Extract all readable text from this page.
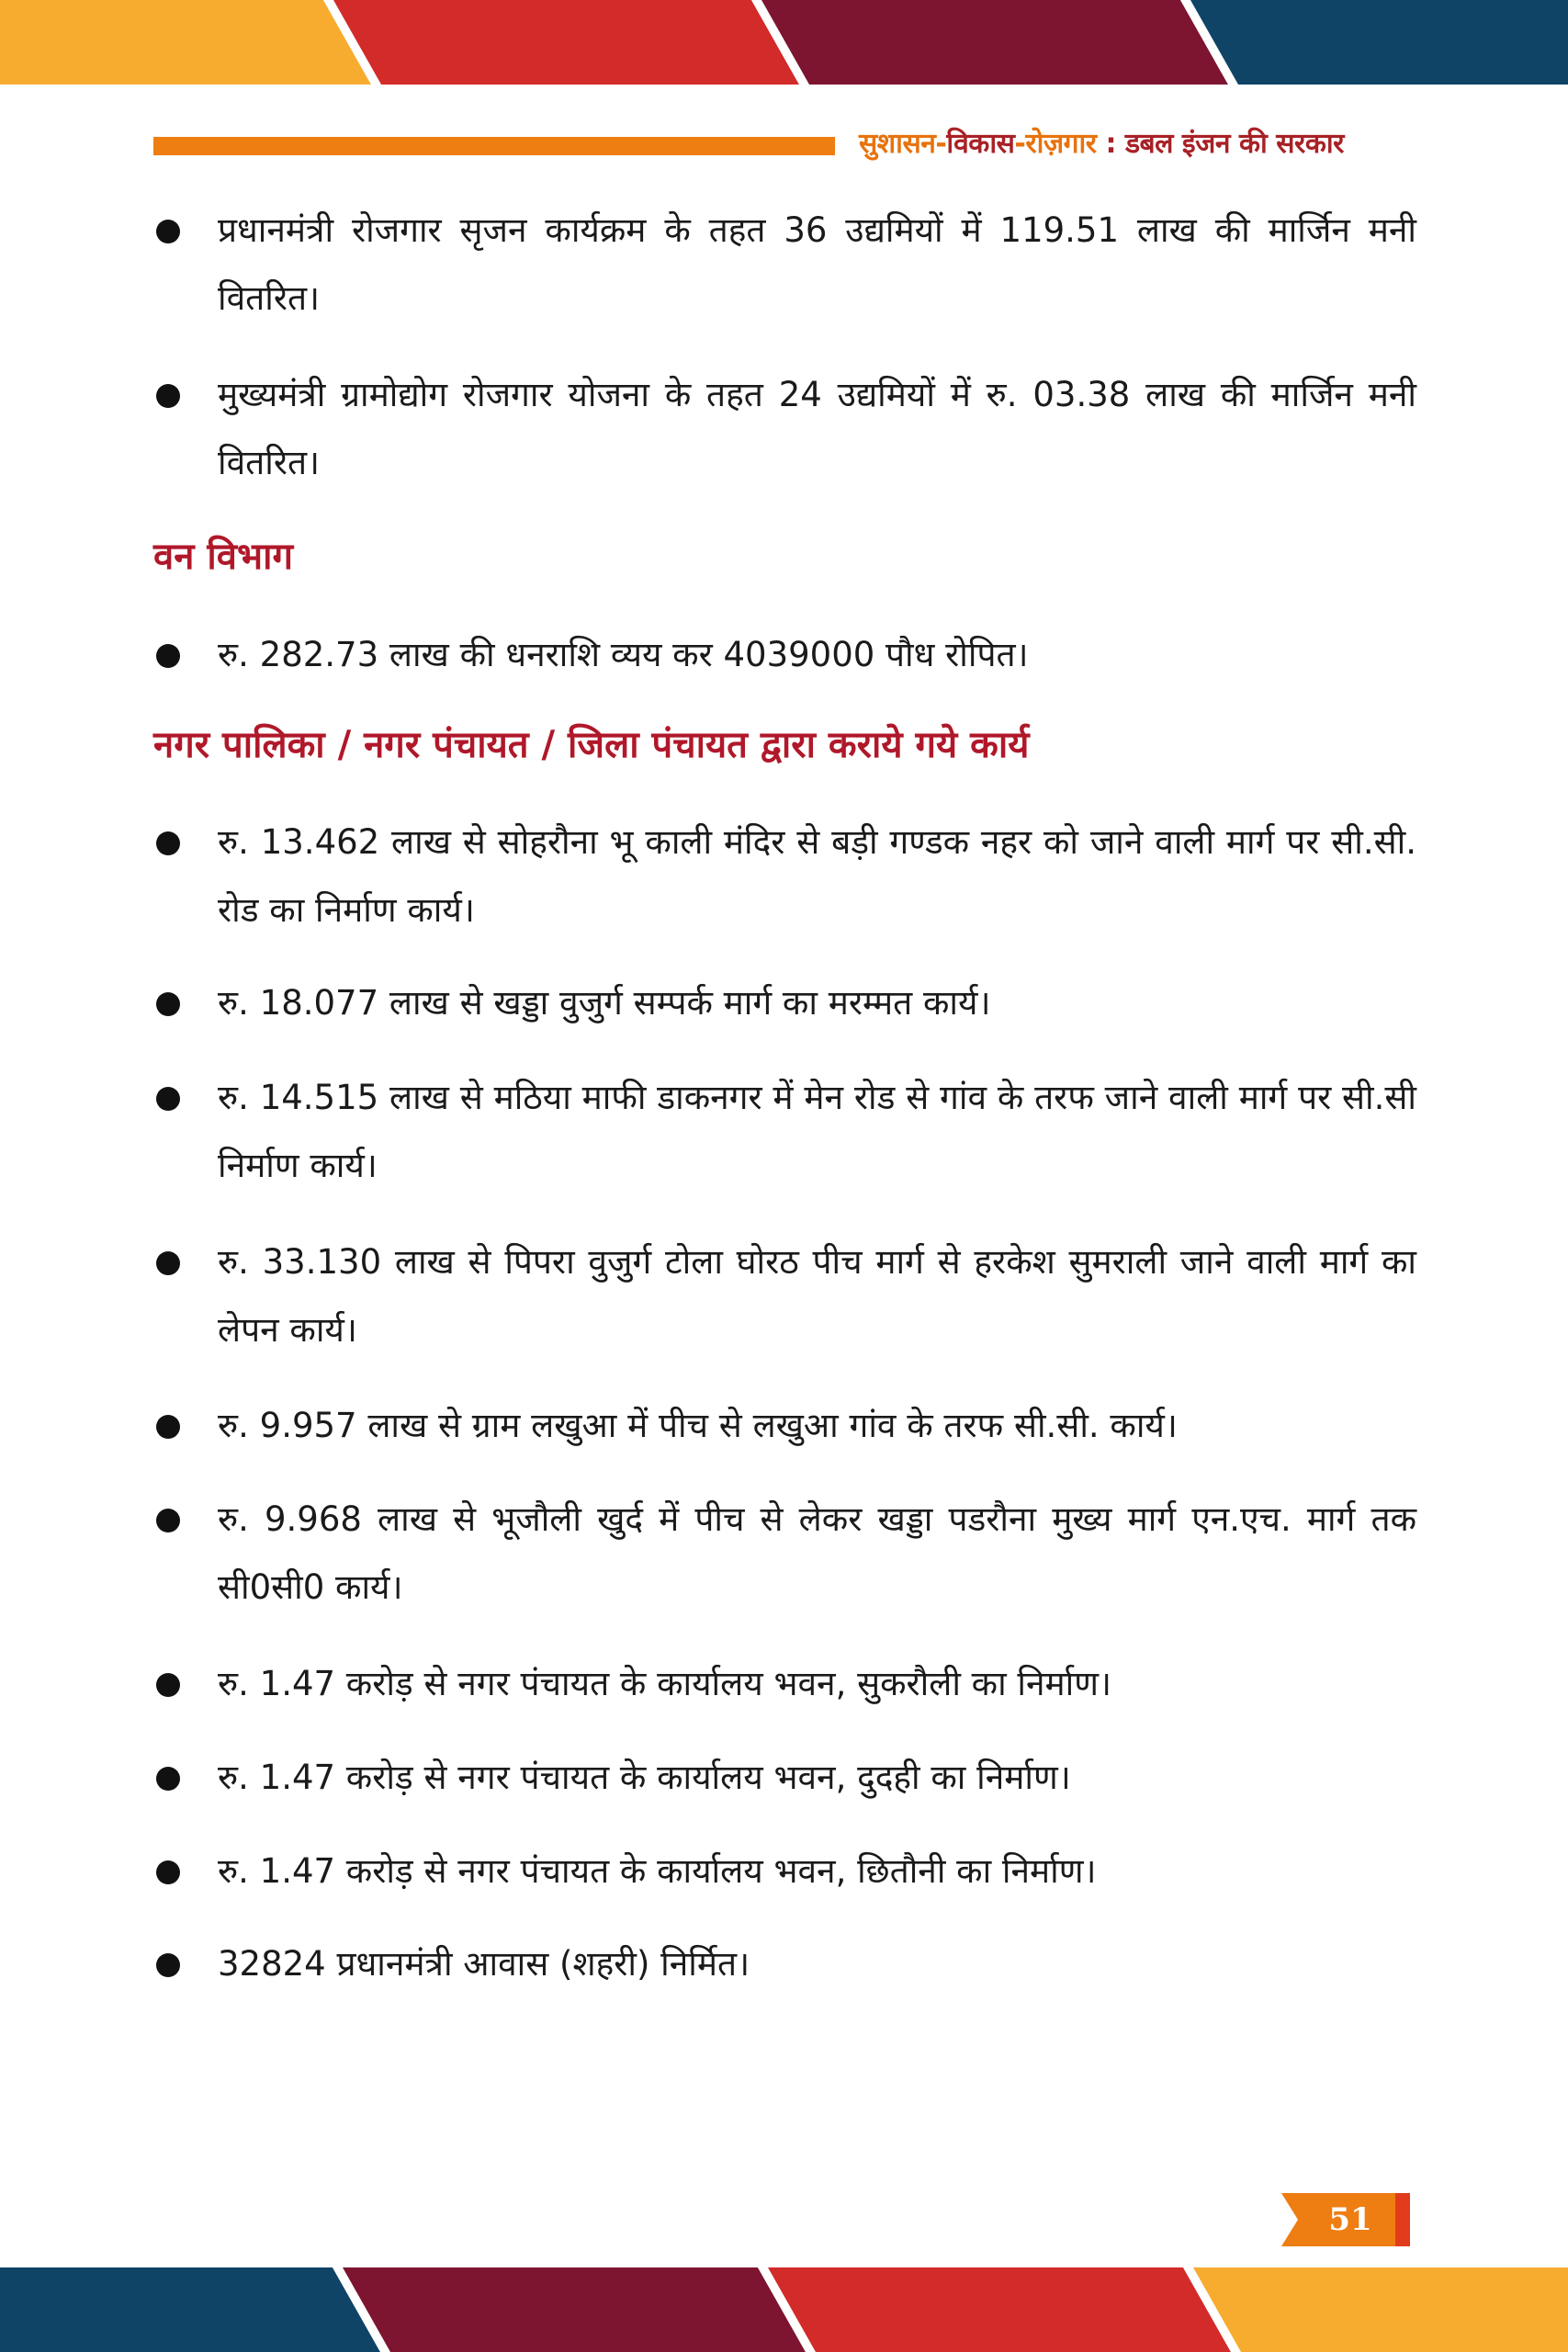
सुशासन-विकास-रोज़गार : डबल इंजन की सरकार
प्रधानमंत्री रोजगार सृजन कार्यक्रम के तहत 36 उद्यमियों में 119.51 लाख की मार्जिन मनी वितरित।
मुख्यमंत्री ग्रामोद्योग रोजगार योजना के तहत 24 उद्यमियों में रु. 03.38 लाख की मार्जिन मनी वितरित।
वन विभाग
रु. 282.73 लाख की धनराशि व्यय कर 4039000 पौध रोपित।
नगर पालिका / नगर पंचायत / जिला पंचायत द्वारा कराये गये कार्य
रु. 13.462 लाख से सोहरौना भू काली मंदिर से बड़ी गण्डक नहर को जाने वाली मार्ग पर सी.सी. रोड का निर्माण कार्य।
रु. 18.077 लाख से खड्डा वुजुर्ग सम्पर्क मार्ग का मरम्मत कार्य।
रु. 14.515 लाख से मठिया माफी डाकनगर में मेन रोड से गांव के तरफ जाने वाली मार्ग पर सी.सी निर्माण कार्य।
रु. 33.130 लाख से पिपरा वुजुर्ग टोला घोरठ पीच मार्ग से हरकेश सुमराली जाने वाली मार्ग का लेपन कार्य।
रु. 9.957 लाख से ग्राम लखुआ में पीच से लखुआ गांव के तरफ सी.सी. कार्य।
रु. 9.968 लाख से भूजौली खुर्द में पीच से लेकर खड्डा पडरौना मुख्य मार्ग एन.एच. मार्ग तक सी0सी0 कार्य।
रु. 1.47 करोड़ से नगर पंचायत के कार्यालय भवन, सुकरौली का निर्माण।
रु. 1.47 करोड़ से नगर पंचायत के कार्यालय भवन, दुदही का निर्माण।
रु. 1.47 करोड़ से नगर पंचायत के कार्यालय भवन, छितौनी का निर्माण।
32824 प्रधानमंत्री आवास (शहरी) निर्मित।
51
